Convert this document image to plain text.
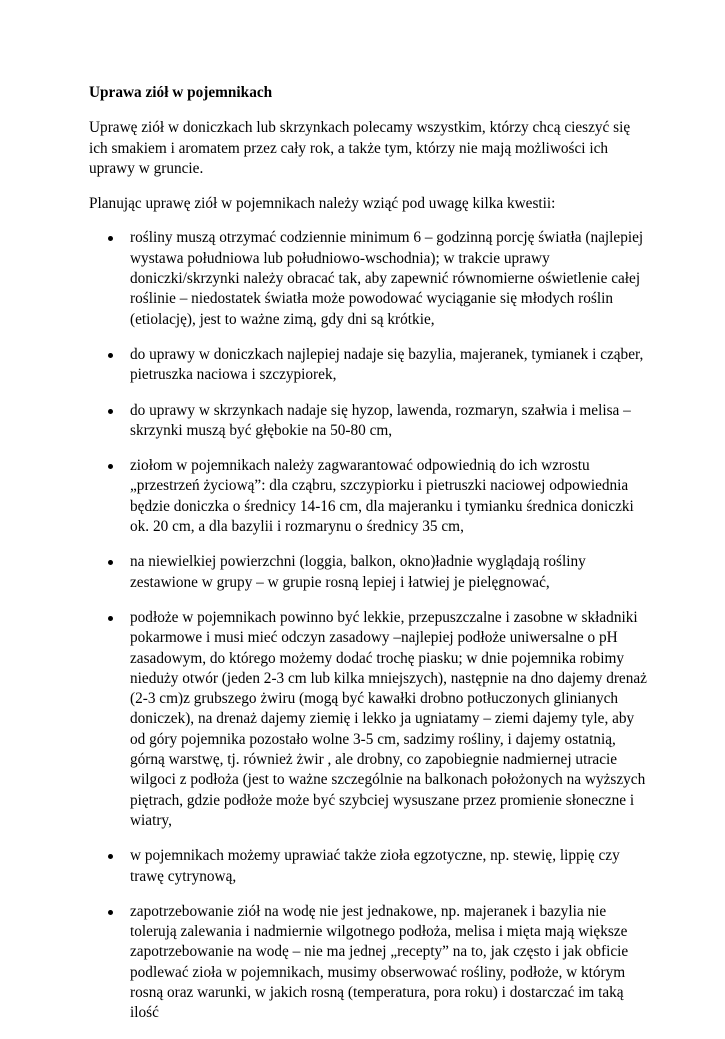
Uprawa ziół w pojemnikach

Uprawę ziół w doniczkach lub skrzynkach polecamy wszystkim, którzy chcą cieszyć się ich smakiem i aromatem przez cały rok, a także tym, którzy nie mają możliwości ich uprawy w gruncie.

Planując uprawę ziół w pojemnikach należy wziąć pod uwagę kilka kwestii:

rośliny muszą otrzymać codziennie minimum 6 – godzinną porcję światła (najlepiej wystawa południowa lub południowo-wschodnia); w trakcie uprawy doniczki/skrzynki należy obracać tak, aby zapewnić równomierne oświetlenie całej roślinie – niedostatek światła może powodować wyciąganie się młodych roślin (etiolację), jest to ważne zimą, gdy dni są krótkie,
do uprawy w doniczkach najlepiej nadaje się bazylia, majeranek, tymianek i cząber, pietruszka naciowa i szczypiorek,
do uprawy w skrzynkach nadaje się hyzop, lawenda, rozmaryn, szałwia i melisa – skrzynki muszą być głębokie na 50-80 cm,
ziołom w pojemnikach należy zagwarantować odpowiednią do ich wzrostu „przestrzeń życiową”: dla cząbru, szczypiorku i pietruszki naciowej odpowiednia będzie doniczka o średnicy 14-16 cm, dla majeranku i tymianku średnica doniczki ok. 20 cm, a dla bazylii i rozmarynu o średnicy 35 cm,
na niewielkiej powierzchni (loggia, balkon, okno)ładnie wyglądają rośliny zestawione w grupy – w grupie rosną lepiej i łatwiej je pielęgnować,
podłoże w pojemnikach powinno być lekkie, przepuszczalne i zasobne w składniki pokarmowe i musi mieć odczyn zasadowy –najlepiej podłoże uniwersalne o pH zasadowym, do którego możemy dodać trochę piasku; w dnie pojemnika robimy nieduży otwór (jeden 2-3 cm lub kilka mniejszych), następnie na dno dajemy drenaż (2-3 cm)z grubszego żwiru (mogą być kawałki drobno potłuczonych glinianych doniczek), na drenaż dajemy ziemię i lekko ja ugniatamy – ziemi dajemy tyle, aby od góry pojemnika pozostało wolne 3-5 cm, sadzimy rośliny, i dajemy ostatnią, górną warstwę, tj. również żwir , ale drobny, co zapobiegnie nadmiernej utracie wilgoci z podłoża (jest to ważne szczególnie na balkonach położonych na wyższych piętrach, gdzie podłoże może być szybciej wysuszane przez promienie słoneczne i wiatry,
w pojemnikach możemy uprawiać także zioła egzotyczne, np. stewię, lippię czy trawę cytrynową,
zapotrzebowanie ziół na wodę nie jest jednakowe, np. majeranek i bazylia nie tolerują zalewania i nadmiernie wilgotnego podłoża, melisa i mięta mają większe zapotrzebowanie na wodę – nie ma jednej „recepty” na to, jak często i jak obficie podlewać zioła w pojemnikach, musimy obserwować rośliny, podłoże, w którym rosną oraz warunki, w jakich rosną (temperatura, pora roku) i dostarczać im taką ilość
